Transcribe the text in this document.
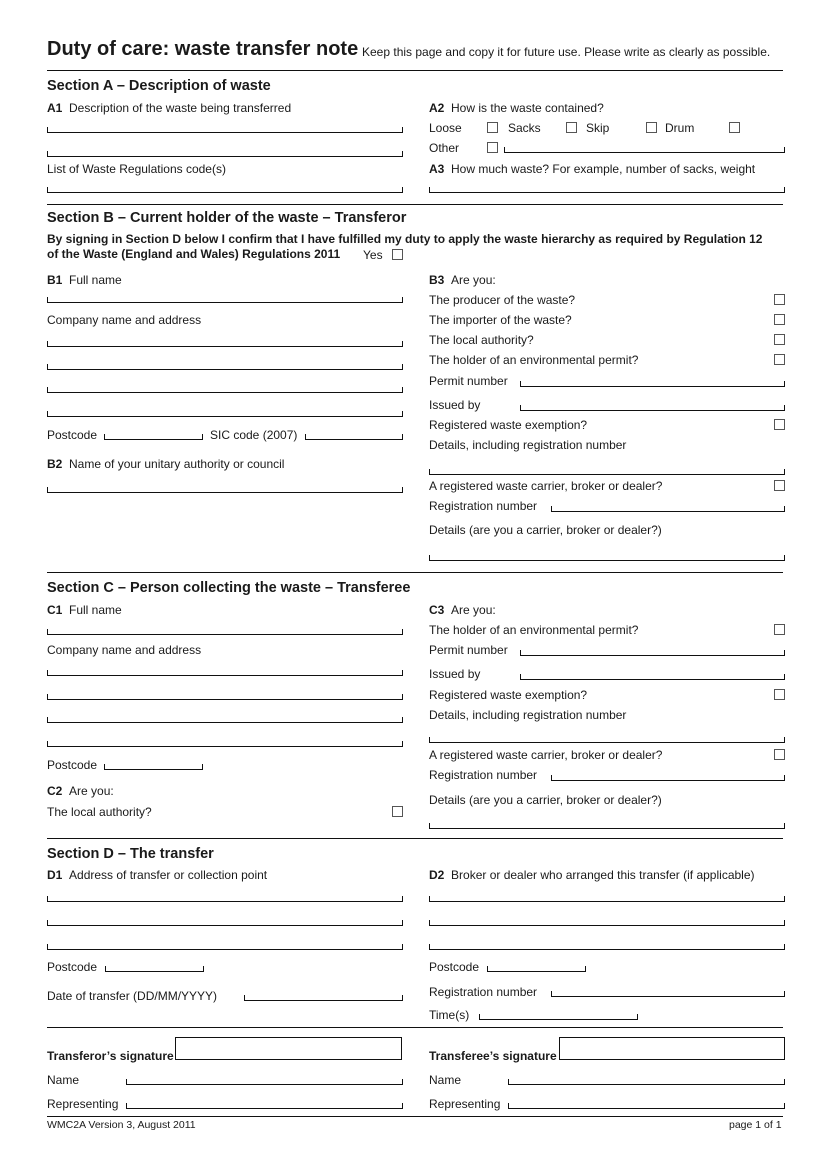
Duty of care: waste transfer note Keep this page and copy it for future use. Please write as clearly as possible.
Section A – Description of waste
A1 Description of the waste being transferred
List of Waste Regulations code(s)
A2 How is the waste contained?
Loose	Sacks	Skip	Drum
Other
A3 How much waste? For example, number of sacks, weight
Section B – Current holder of the waste – Transferor
By signing in Section D below I confirm that I have fulfilled my duty to apply the waste hierarchy as required by Regulation 12
of the Waste (England and Wales) Regulations 2011 Yes
B1 Full name
Company name and address
Postcode	SIC code (2007)
B2 Name of your unitary authority or council
B3 Are you:
The producer of the waste?
The importer of the waste?
The local authority?
The holder of an environmental permit?
Permit number
Issued by
Registered waste exemption?
Details, including registration number
A registered waste carrier, broker or dealer?
Registration number
Details (are you a carrier, broker or dealer?)
Section C – Person collecting the waste – Transferee
C1 Full name
Company name and address
Postcode
C2 Are you:
The local authority?
C3 Are you:
The holder of an environmental permit?
Permit number
Issued by
Registered waste exemption?
Details, including registration number
A registered waste carrier, broker or dealer?
Registration number
Details (are you a carrier, broker or dealer?)
Section D – The transfer
D1 Address of transfer or collection point
Postcode
Date of transfer (DD/MM/YYYY)
D2 Broker or dealer who arranged this transfer (if applicable)
Postcode
Registration number
Time(s)
Transferor’s signature
Name
Representing
Transferee’s signature
Name
Representing
WMC2A Version 3, August 2011	page 1 of 1
